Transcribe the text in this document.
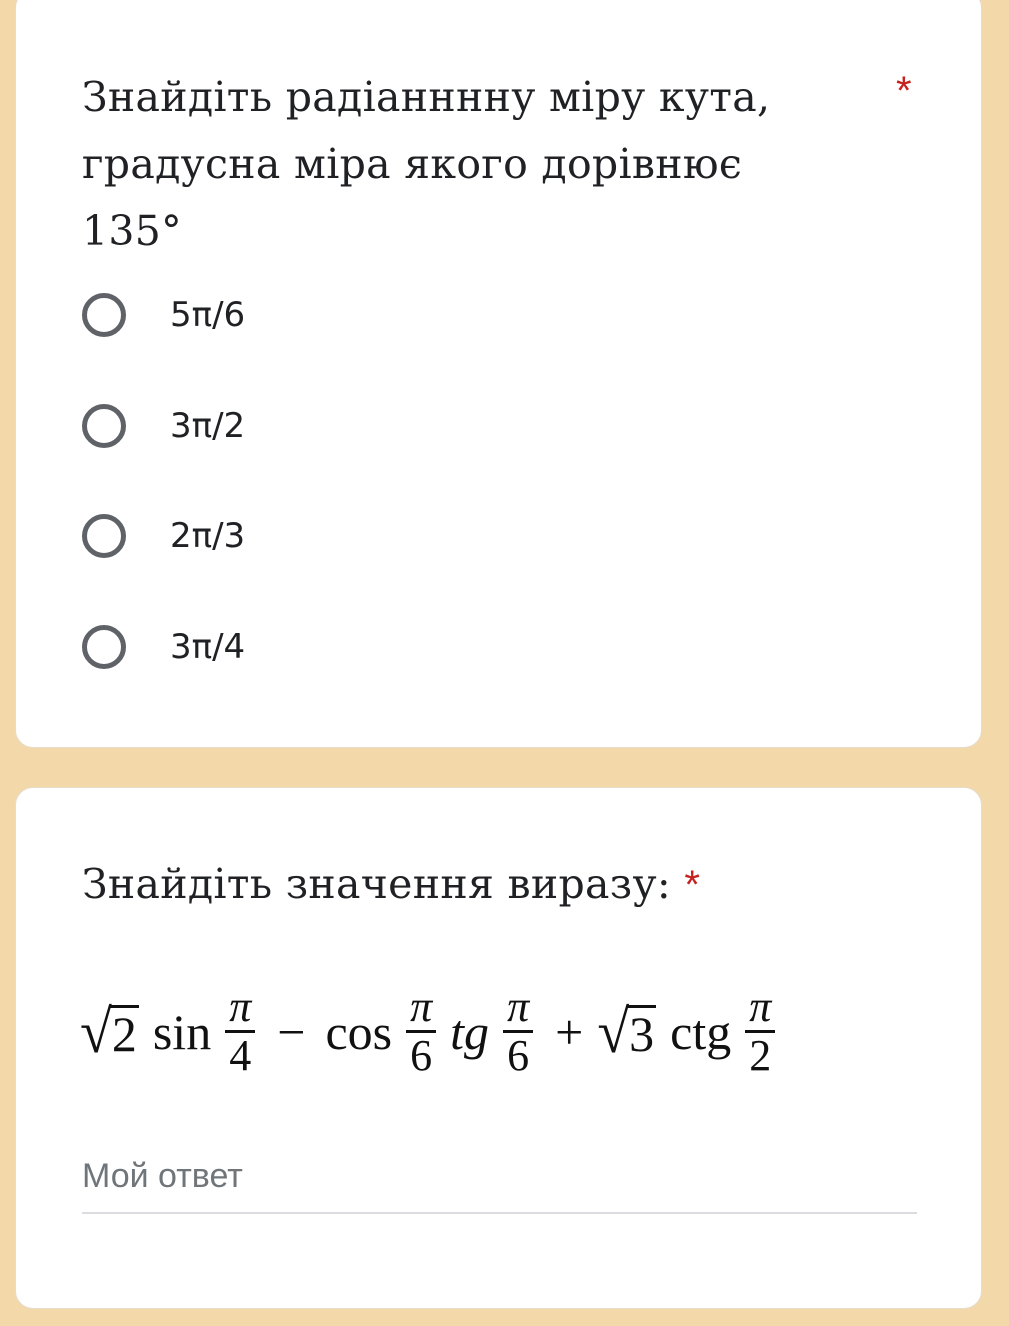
Знайдіть радіанннну міру кута, градусна міра якого дорівнює 135°
*
5π/6
3π/2
2π/3
3π/4
Знайдіть значення виразу: *
√ 2 $\sin \frac{\pi}{4} - \cos \frac{\pi}{6}$ tg $\frac{\pi}{6}$ + √ 3 ctg $\frac{\pi}{2}$
Мой ответ
